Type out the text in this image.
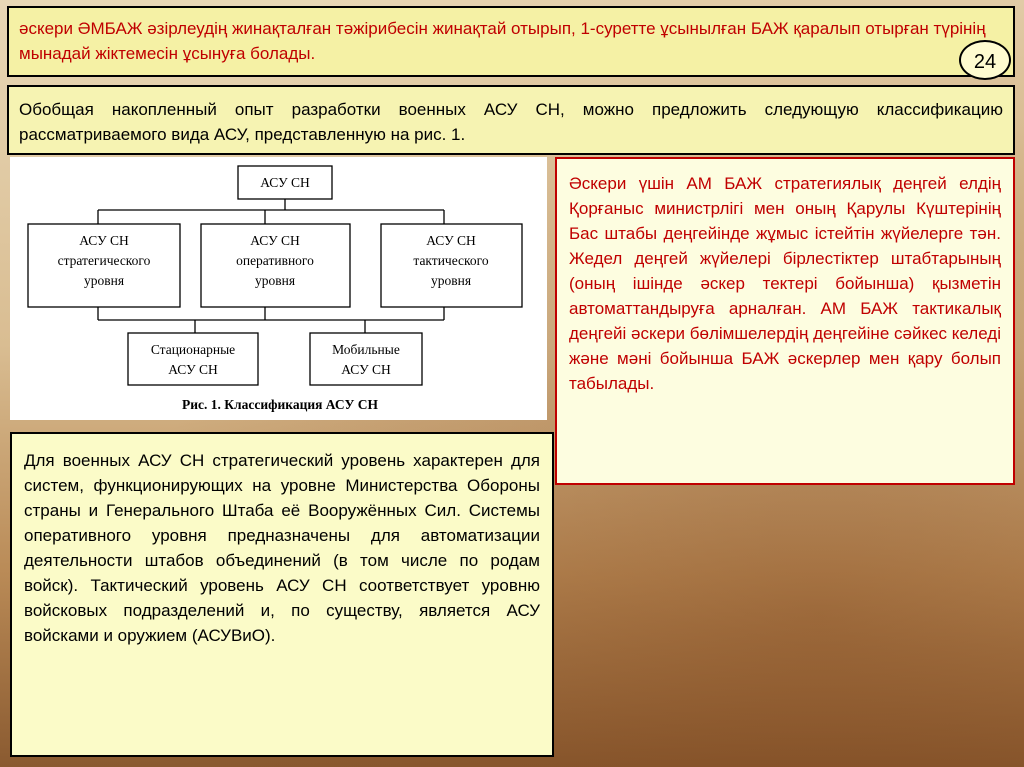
әскери ӘМБАЖ әзірлеудің жинақталған тәжірибесін жинақтай отырып, 1-суретте ұсынылған БАЖ қаралып отырған түрінің мынадай жіктемесін ұсынуға болады.	24

Обобщая накопленный опыт разработки военных АСУ СН, можно предложить следующую классификацию рассматриваемого вида АСУ, представленную на рис. 1.

АСУ СН
АСУ СН
стратегического
уровня
АСУ СН
оперативного
уровня
АСУ СН
тактического
уровня
Стационарные
АСУ СН
Мобильные
АСУ СН
Рис. 1. Классификация АСУ СН

Әскери үшін АМ БАЖ стратегиялық деңгей елдің Қорғаныс министрлігі мен оның Қарулы Күштерінің Бас штабы деңгейінде жұмыс істейтін жүйелерге тән. Жедел деңгей жүйелері бірлестіктер штабтарының (оның ішінде әскер тектері бойынша) қызметін автоматтандыруға арналған. АМ БАЖ тактикалық деңгейі әскери бөлімшелердің деңгейіне сәйкес келеді және мәні бойынша БАЖ әскерлер мен қару болып табылады.

Для военных АСУ СН стратегический уровень характерен для систем, функционирующих на уровне Министерства Обороны страны и Генерального Штаба её Вооружённых Сил. Системы оперативного уровня предназначены для автоматизации деятельности штабов объединений (в том числе по родам войск). Тактический уровень АСУ СН соответствует уровню войсковых подразделений и, по существу, является АСУ войсками и оружием (АСУВиО).
